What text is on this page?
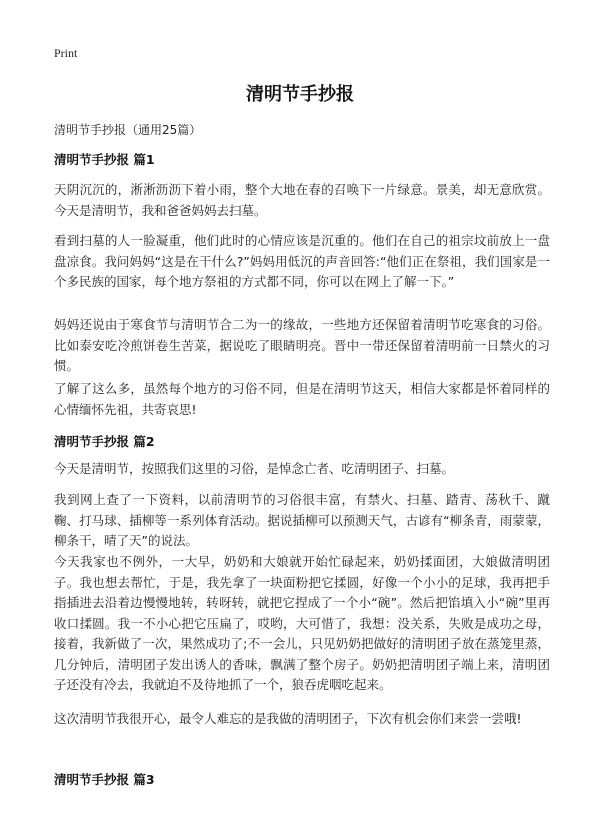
Print
清明节手抄报
清明节手抄报（通用25篇）
清明节手抄报 篇1

天阴沉沉的，淅淅沥沥下着小雨，整个大地在春的召唤下一片绿意。景美，却无意欣赏。今天是清明节，我和爸爸妈妈去扫墓。

看到扫墓的人一脸凝重，他们此时的心情应该是沉重的。他们在自己的祖宗坟前放上一盘盘凉食。我问妈妈“这是在干什么?”妈妈用低沉的声音回答:“他们正在祭祖，我们国家是一个多民族的国家，每个地方祭祖的方式都不同，你可以在网上了解一下。”

妈妈还说由于寒食节与清明节合二为一的缘故，一些地方还保留着清明节吃寒食的习俗。比如泰安吃冷煎饼卷生苦菜，据说吃了眼睛明亮。晋中一带还保留着清明前一日禁火的习惯。

了解了这么多，虽然每个地方的习俗不同，但是在清明节这天，相信大家都是怀着同样的心情缅怀先祖，共寄哀思!

清明节手抄报 篇2

今天是清明节，按照我们这里的习俗，是悼念亡者、吃清明团子、扫墓。

我到网上查了一下资料，以前清明节的习俗很丰富，有禁火、扫墓、踏青、荡秋千、蹴鞠、打马球、插柳等一系列体育活动。据说插柳可以预测天气，古谚有“柳条青，雨蒙蒙，柳条干，晴了天”的说法。

今天我家也不例外，一大早，奶奶和大娘就开始忙碌起来，奶奶揉面团，大娘做清明团子。我也想去帮忙，于是，我先拿了一块面粉把它揉圆，好像一个小小的足球，我再把手指插进去沿着边慢慢地转，转呀转，就把它捏成了一个小“碗”。然后把馅填入小“碗”里再收口揉圆。我一不小心把它压扁了，哎哟，大可惜了，我想：没关系，失败是成功之母，接着，我新做了一次，果然成功了;不一会儿，只见奶奶把做好的清明团子放在蒸笼里蒸，几分钟后，清明团子发出诱人的香味，飘满了整个房子。奶奶把清明团子端上来，清明团子还没有冷去，我就迫不及待地抓了一个，狼吞虎咽吃起来。

这次清明节我很开心，最令人难忘的是我做的清明团子，下次有机会你们来尝一尝哦!

清明节手抄报 篇3
